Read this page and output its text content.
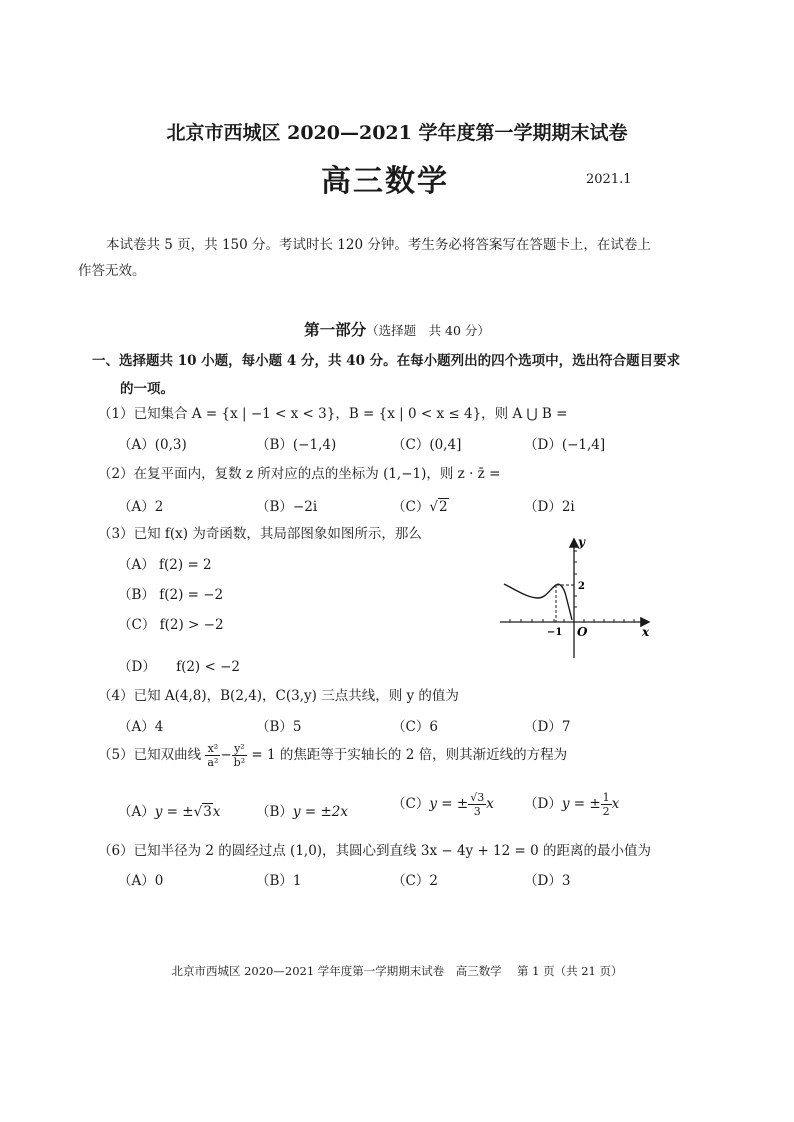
北京市西城区 2020—2021 学年度第一学期期末试卷
高三数学	2021.1
本试卷共 5 页，共 150 分。考试时长 120 分钟。考生务必将答案写在答题卡上，在试卷上
作答无效。
第一部分（选择题　共 40 分）
一、选择题共 10 小题，每小题 4 分，共 40 分。在每小题列出的四个选项中，选出符合题目要求
的一项。
（1）已知集合 A = {x | −1 < x < 3}，B = {x | 0 < x ≤ 4}，则 A ⋃ B =
（A）(0,3)	（B）(−1,4)	（C）(0,4]	（D）(−1,4]
（2）在复平面内，复数 z 所对应的点的坐标为 (1,−1)，则 z · z̄ =
（A）2	（B）−2i	（C）√2	（D）2i
（3）已知 f(x) 为奇函数，其局部图象如图所示，那么
（A） f(2) = 2
（B） f(2) = −2
（C） f(2) > −2
（D）　　f(2) < −2
y
x
O
−1
2
（4）已知 A(4,8)，B(2,4)，C(3,y) 三点共线，则 y 的值为
（A）4	（B）5	（C）6	（D）7
（5）已知双曲线 $\frac{\text{x²}}{\text{a²}} - \frac{\text{y²}}{\text{b²}} = 1$ 的焦距等于实轴长的 2 倍，则其渐近线的方程为
（A）y = ±√3x	（B）y = ±2x	（C）y = ± $\frac{√3}{3}$ x （D）y = ± $\frac{1}{2}$ x
（6）已知半径为 2 的圆经过点 (1,0)，其圆心到直线 3x − 4y + 12 = 0 的距离的最小值为
（A）0	（B）1	（C）2	（D）3
北京市西城区 2020—2021 学年度第一学期期末试卷　高三数学　 第 1 页（共 21 页）
